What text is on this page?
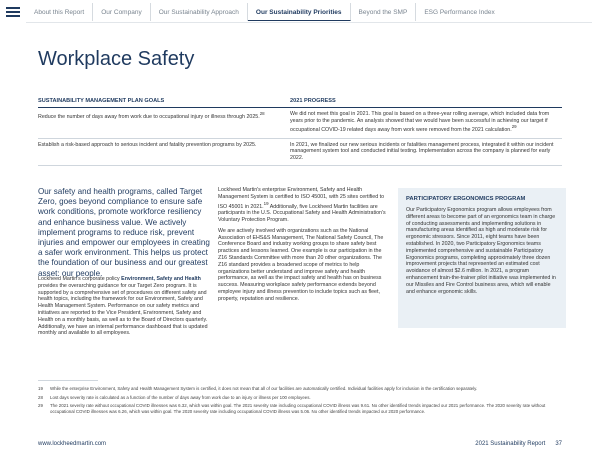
About this Report	Our Company	Our Sustainability Approach	Our Sustainability Priorities	Beyond the SMP	ESG Performance Index
Workplace Safety
SUSTAINABILITY MANAGEMENT PLAN GOALS	2021 PROGRESS
Reduce the number of days away from work due to occupational injury or illness through 2025.28	We did not meet this goal in 2021. This goal is based on a three-year rolling average, which included data from years prior to the pandemic. An analysis showed that we would have been successful in achieving our target if occupational COVID-19 related days away from work were removed from the 2021 calculation.$^{29}$
Establish a risk-based approach to serious incident and fatality prevention programs by 2025.	In 2021, we finalized our new serious incidents or fatalities management process, integrated it within our incident management system tool and conducted initial testing. Implementation across the company is planned for early 2022.

Our safety and health programs, called Target Zero, goes beyond compliance to ensure safe work conditions, promote workforce resiliency and enhance business value. We actively implement programs to reduce risk, prevent injuries and empower our employees in creating a safer work environment. This helps us protect the foundation of our business and our greatest asset: our people.

Lockheed Martin's corporate policy Environment, Safety and Health provides the overarching guidance for our Target Zero program. It is supported by a comprehensive set of procedures on different safety and health topics, including the framework for our Environment, Safety and Health Management System. Performance on our safety metrics and initiatives are reported to the Vice President, Environment, Safety and Health on a monthly basis, as well as to the Board of Directors quarterly. Additionally, we have an internal performance dashboard that is updated monthly and available to all employees.

Lockheed Martin's enterprise Environment, Safety and Health Management System is certified to ISO 45001, with 25 sites certified to ISO 45001 in 2021.19 Additionally, five Lockheed Martin facilities are participants in the U.S. Occupational Safety and Health Administration's Voluntary Protection Program.

We are actively involved with organizations such as the National Association of EHS&S Management, The National Safety Council, The Conference Board and industry working groups to share safety best practices and lessons learned. One example is our participation in the Z16 Standards Committee with more than 20 other organizations. The Z16 standard provides a broadened scope of metrics to help organizations better understand and improve safety and health performance, as well as the impact safety and health has on business success. Measuring workplace safety performance extends beyond employee injury and illness prevention to include topics such as fleet, property, reputation and resilience.

PARTICIPATORY ERGONOMICS PROGRAM
Our Participatory Ergonomics program allows employees from different areas to become part of an ergonomics team in charge of conducting assessments and implementing solutions in manufacturing areas identified as high and moderate risk for ergonomic stressors. Since 2011, eight teams have been established. In 2020, two Participatory Ergonomics teams implemented comprehensive and sustainable Participatory Ergonomics programs, completing approximately three dozen improvement projects that represented an estimated cost avoidance of almost $2.6 million. In 2021, a program enhancement train-the-trainer pilot initiative was implemented in our Missiles and Fire Control business area, which will enable and enhance ergonomic skills.
19	While the enterprise Environment, Safety and Health Management System is certified, it does not mean that all of our facilities are automatically certified. Individual facilities apply for inclusion in the certification separately.
28	Lost days severity rate is calculated as a function of the number of days away from work due to an injury or illness per 100 employees.
29	The 2021 severity rate without occupational COVID illnesses was 6.32, which was within goal. The 2021 severity rate including occupational COVID illness was 9.61. No other identified trends impacted our 2021 performance. The 2020 severity rate without occupational COVID illnesses was 6.26, which was within goal. The 2020 severity rate including occupational COVID illness was 5.06. No other identified trends impacted our 2020 performance.
www.lockheedmartin.com	2021 Sustainability Report 37
